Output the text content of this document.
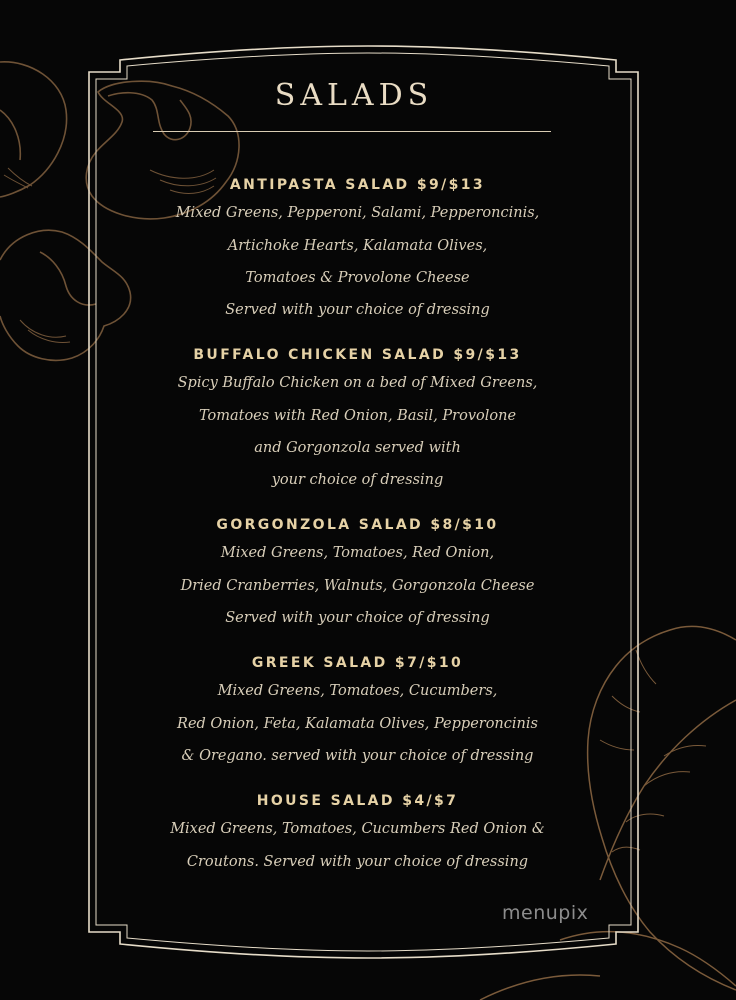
SALADS
ANTIPASTA SALAD $9/$13
Mixed Greens, Pepperoni, Salami, Pepperoncinis,
Artichoke Hearts, Kalamata Olives,
Tomatoes & Provolone Cheese
Served with your choice of dressing
BUFFALO CHICKEN SALAD $9/$13
Spicy Buffalo Chicken on a bed of Mixed Greens,
Tomatoes with Red Onion, Basil, Provolone
and Gorgonzola served with
your choice of dressing
GORGONZOLA SALAD $8/$10
Mixed Greens, Tomatoes, Red Onion,
Dried Cranberries, Walnuts, Gorgonzola Cheese
Served with your choice of dressing
GREEK SALAD $7/$10
Mixed Greens, Tomatoes, Cucumbers,
Red Onion, Feta, Kalamata Olives, Pepperoncinis
& Oregano. served with your choice of dressing
HOUSE SALAD $4/$7
Mixed Greens, Tomatoes, Cucumbers Red Onion &
Croutons. Served with your choice of dressing
menupix
